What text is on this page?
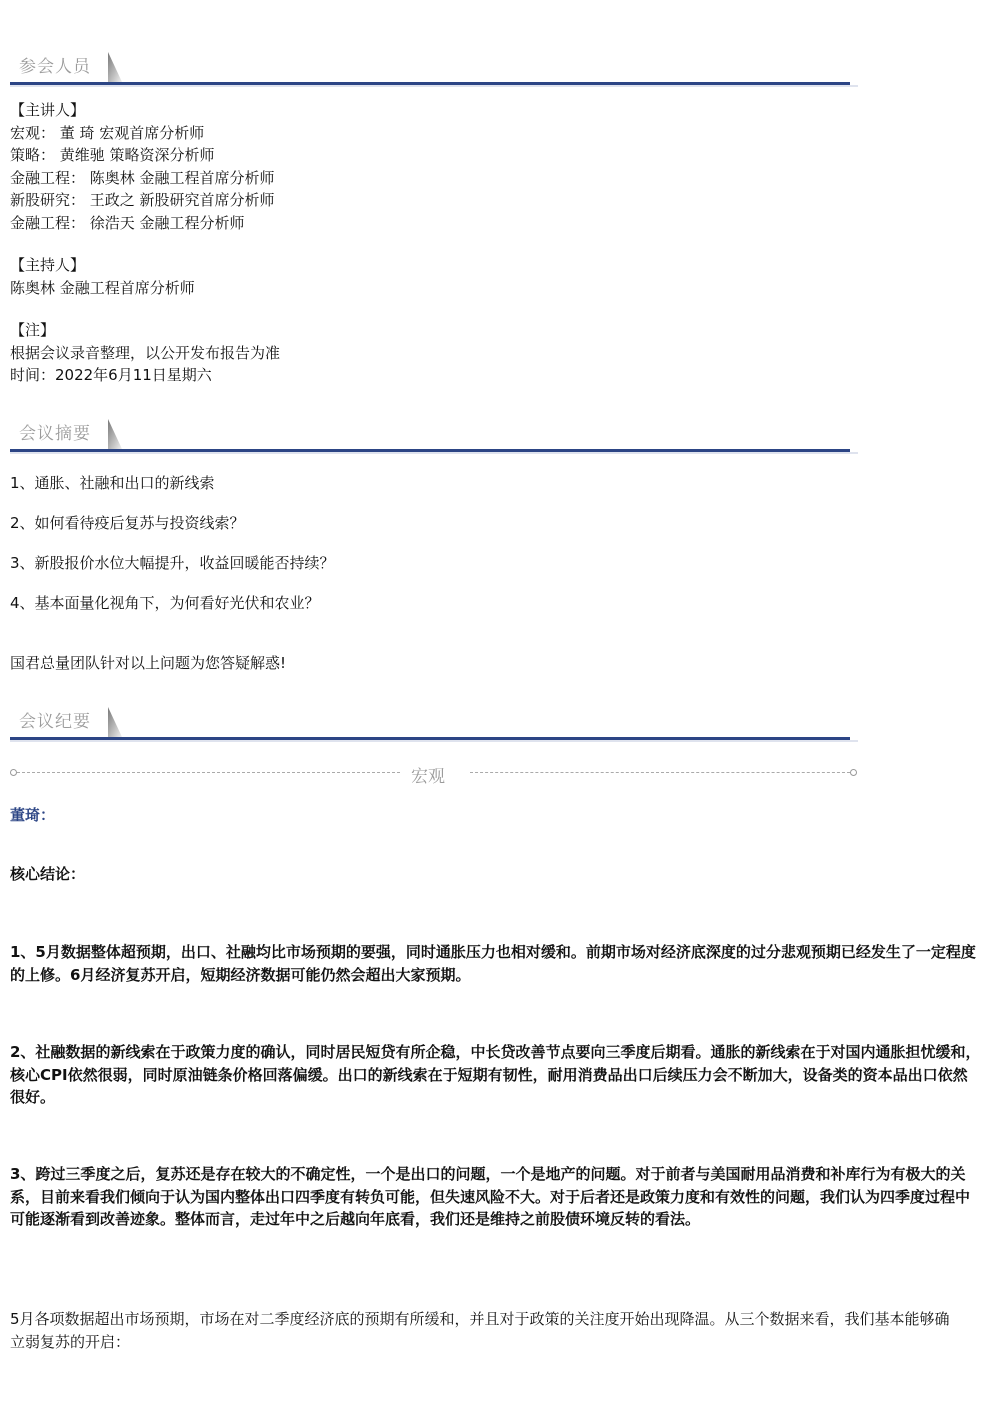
参会人员
【主讲人】
宏观： 董 琦 宏观首席分析师
策略： 黄维驰 策略资深分析师
金融工程： 陈奥林 金融工程首席分析师
新股研究： 王政之 新股研究首席分析师
金融工程： 徐浩天 金融工程分析师
【主持人】
陈奥林 金融工程首席分析师
【注】
根据会议录音整理，以公开发布报告为准
时间：2022年6月11日星期六
会议摘要
1、通胀、社融和出口的新线索
2、如何看待疫后复苏与投资线索？
3、新股报价水位大幅提升，收益回暖能否持续？
4、基本面量化视角下，为何看好光伏和农业？
国君总量团队针对以上问题为您答疑解惑!
会议纪要
宏观
董琦：
核心结论：
1、5月数据整体超预期，出口、社融均比市场预期的要强，同时通胀压力也相对缓和。前期市场对经济底深度的过分悲观预期已经发生了一定程度的上修。6月经济复苏开启，短期经济数据可能仍然会超出大家预期。
2、社融数据的新线索在于政策力度的确认，同时居民短贷有所企稳，中长贷改善节点要向三季度后期看。通胀的新线索在于对国内通胀担忧缓和，核心CPI依然很弱，同时原油链条价格回落偏缓。出口的新线索在于短期有韧性，耐用消费品出口后续压力会不断加大，设备类的资本品出口依然很好。
3、跨过三季度之后，复苏还是存在较大的不确定性，一个是出口的问题，一个是地产的问题。对于前者与美国耐用品消费和补库行为有极大的关系，目前来看我们倾向于认为国内整体出口四季度有转负可能，但失速风险不大。对于后者还是政策力度和有效性的问题，我们认为四季度过程中可能逐渐看到改善迹象。整体而言，走过年中之后越向年底看，我们还是维持之前股债环境反转的看法。
5月各项数据超出市场预期，市场在对二季度经济底的预期有所缓和，并且对于政策的关注度开始出现降温。从三个数据来看，我们基本能够确立弱复苏的开启：
